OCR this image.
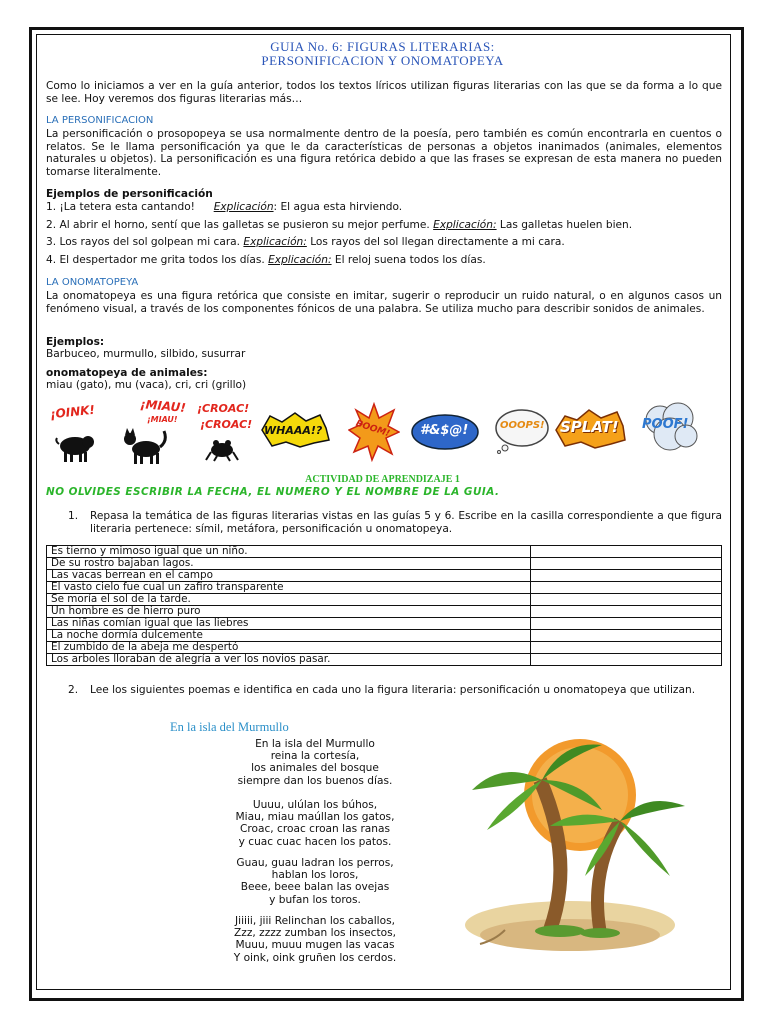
GUIA No. 6: FIGURAS LITERARIAS:
PERSONIFICACION Y ONOMATOPEYA
Como lo iniciamos a ver en la guía anterior, todos los textos líricos utilizan figuras literarias con las que se da forma a lo que se lee. Hoy veremos dos figuras literarias más…
LA PERSONIFICACION
La personificación o prosopopeya se usa normalmente dentro de la poesía, pero también es común encontrarla en cuentos o relatos. Se le llama personificación ya que le da características de personas a objetos inanimados (animales, elementos naturales u objetos). La personificación es una figura retórica debido a que las frases se expresan de esta manera no pueden tomarse literalmente.
Ejemplos de personificación
1. ¡La tetera esta cantando! Explicación: El agua esta hirviendo.
2. Al abrir el horno, sentí que las galletas se pusieron su mejor perfume. Explicación: Las galletas huelen bien.
3. Los rayos del sol golpean mi cara. Explicación: Los rayos del sol llegan directamente a mi cara.
4. El despertador me grita todos los días. Explicación: El reloj suena todos los días.
LA ONOMATOPEYA
La onomatopeya es una figura retórica que consiste en imitar, sugerir o reproducir un ruido natural, o en algunos casos un fenómeno visual, a través de los componentes fónicos de una palabra. Se utiliza mucho para describir sonidos de animales.
Ejemplos:
Barbuceo, murmullo, silbido, susurrar
onomatopeya de animales:
miau (gato), mu (vaca), cri, cri (grillo)
¡OINK!	¡MIAU!
¡MIAU!
¡CROAC!
¡CROAC! WHAAA!?	BOOM! #&$@!	OOOPS! SPLAT! POOF!
ACTIVIDAD DE APRENDIZAJE 1
NO OLVIDES ESCRIBIR LA FECHA, EL NUMERO Y EL NOMBRE DE LA GUIA.
1. Repasa la temática de las figuras literarias vistas en las guías 5 y 6. Escribe en la casilla correspondiente a que figura literaria pertenece: símil, metáfora, personificación u onomatopeya.
Es tierno y mimoso igual que un niño.	
De su rostro bajaban lagos.	
Las vacas berrean en el campo	
El vasto cielo fue cual un zafiro transparente	
Se moría el sol de la tarde.	
Un hombre es de hierro puro	
Las niñas comían igual que las liebres	
La noche dormía dulcemente	
El zumbido de la abeja me despertó	
Los arboles lloraban de alegría a ver los novios pasar.	
2. Lee los siguientes poemas e identifica en cada uno la figura literaria: personificación u onomatopeya que utilizan.
En la isla del Murmullo
En la isla del Murmullo
reina la cortesía,
los animales del bosque
siempre dan los buenos días.
Uuuu, ulúlan los búhos,
Miau, miau maúllan los gatos,
Croac, croac croan las ranas
y cuac cuac hacen los patos.
Guau, guau ladran los perros,
hablan los loros,
Beee, beee balan las ovejas
y bufan los toros.
Jiiiii, jiii Relinchan los caballos,
Zzz, zzzz zumban los insectos,
Muuu, muuu mugen las vacas
Y oink, oink gruñen los cerdos.
